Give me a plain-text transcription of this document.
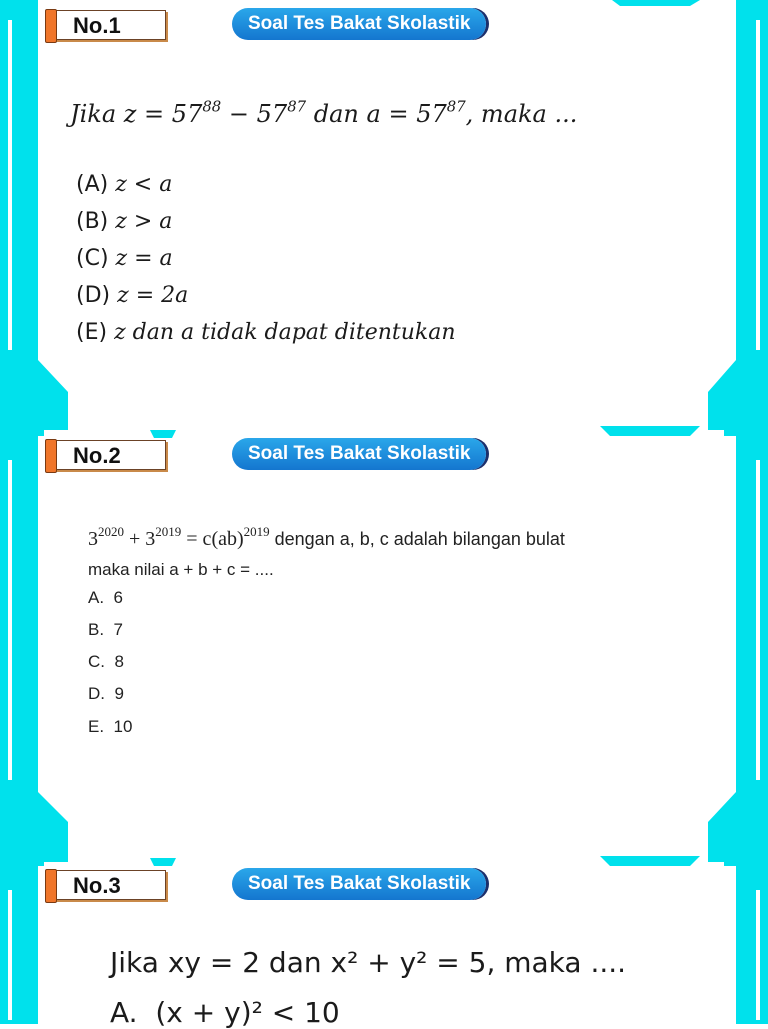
No.1	Soal Tes Bakat Skolastik
Jika $z = 57^{88} - 57^{87}$ dan $a = 57^{87}$, maka ...
(A) z < a
(B) z > a
(C) z = a
(D) z = 2a
(E) z dan a tidak dapat ditentukan
No.2	Soal Tes Bakat Skolastik
$3^{2020} + 3^{2019} = c(ab)^{2019}$ dengan a, b, c adalah bilangan bulat
maka nilai a + b + c = ....
A. 6
B. 7
C. 8
D. 9
E. 10
No.3	Soal Tes Bakat Skolastik
Jika xy = 2 dan x² + y² = 5, maka ....
A. (x + y)² < 10
